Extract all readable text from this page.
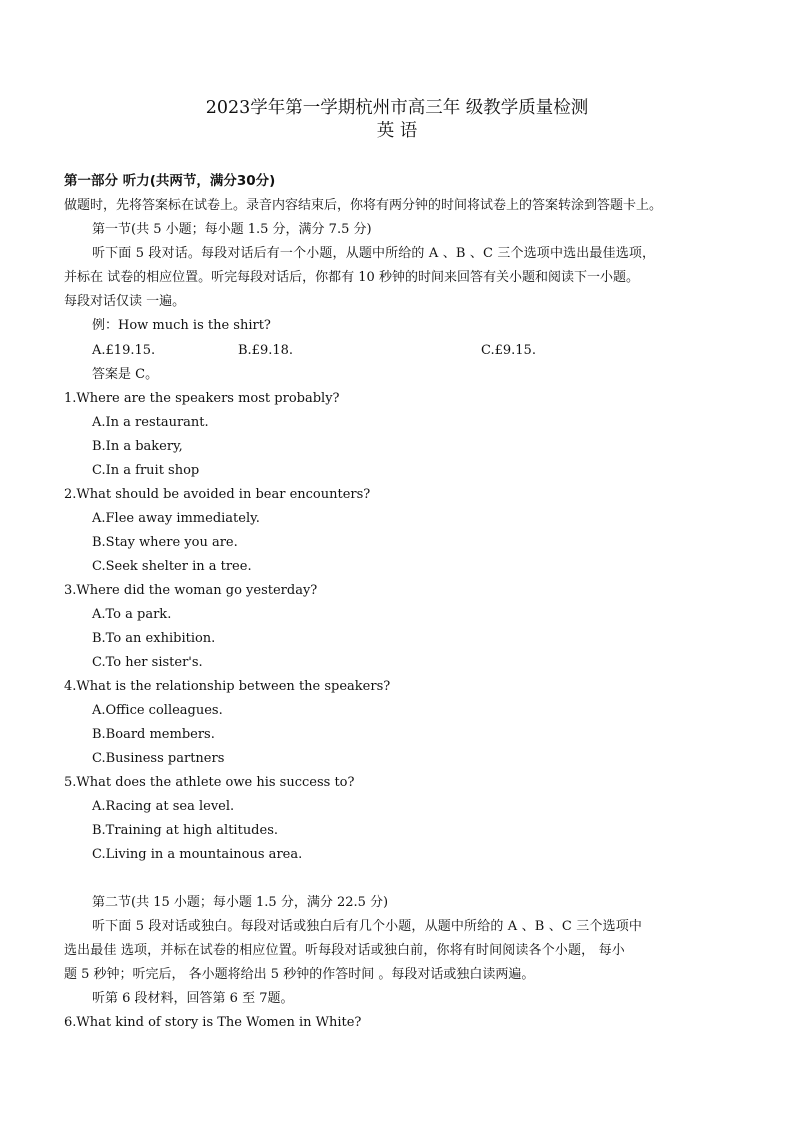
2023学年第一学期杭州市高三年 级教学质量检测
英 语
第一部分 听力(共两节，满分30分)
做题时，先将答案标在试卷上。录音内容结束后，你将有两分钟的时间将试卷上的答案转涂到答题卡上。
第一节(共 5 小题；每小题 1.5 分，满分 7.5 分)
听下面 5 段对话。每段对话后有一个小题，从题中所给的 A 、B 、C 三个选项中选出最佳选项，
并标在 试卷的相应位置。听完每段对话后，你都有 10 秒钟的时间来回答有关小题和阅读下一小题。
每段对话仅读 一遍。
例：How much is the shirt?
A.£19.15.	B.£9.18.	C.£9.15.
答案是 C。
1.Where are the speakers most probably?
A.In a restaurant.
B.In a bakery,
C.In a fruit shop
2.What should be avoided in bear encounters?
A.Flee away immediately.
B.Stay where you are.
C.Seek shelter in a tree.
3.Where did the woman go yesterday?
A.To a park.
B.To an exhibition.
C.To her sister's.
4.What is the relationship between the speakers?
A.Office colleagues.
B.Board members.
C.Business partners
5.What does the athlete owe his success to?
A.Racing at sea level.
B.Training at high altitudes.
C.Living in a mountainous area.
第二节(共 15 小题；每小题 1.5 分，满分 22.5 分)
听下面 5 段对话或独白。每段对话或独白后有几个小题，从题中所给的 A 、B 、C 三个选项中
选出最佳 选项，并标在试卷的相应位置。听每段对话或独白前，你将有时间阅读各个小题， 每小
题 5 秒钟；听完后， 各小题将给出 5 秒钟的作答时间 。每段对话或独白读两遍。
听第 6 段材料，回答第 6 至 7题。
6.What kind of story is The Women in White?
